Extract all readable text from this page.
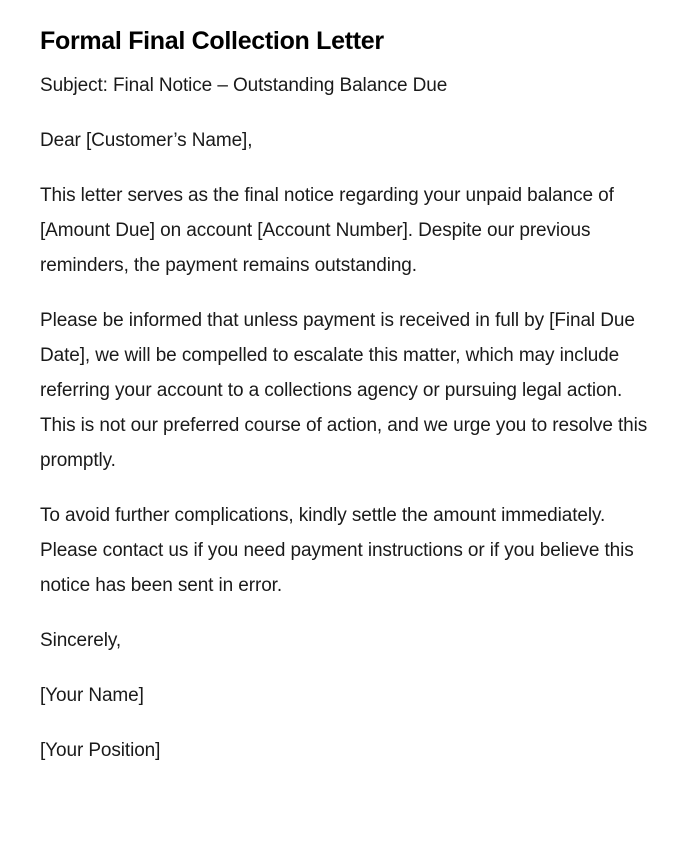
Formal Final Collection Letter

Subject: Final Notice – Outstanding Balance Due

Dear [Customer’s Name],

This letter serves as the final notice regarding your unpaid balance of [Amount Due] on account [Account Number]. Despite our previous reminders, the payment remains outstanding.

Please be informed that unless payment is received in full by [Final Due Date], we will be compelled to escalate this matter, which may include referring your account to a collections agency or pursuing legal action. This is not our preferred course of action, and we urge you to resolve this promptly.

To avoid further complications, kindly settle the amount immediately. Please contact us if you need payment instructions or if you believe this notice has been sent in error.

Sincerely,

[Your Name]

[Your Position]
